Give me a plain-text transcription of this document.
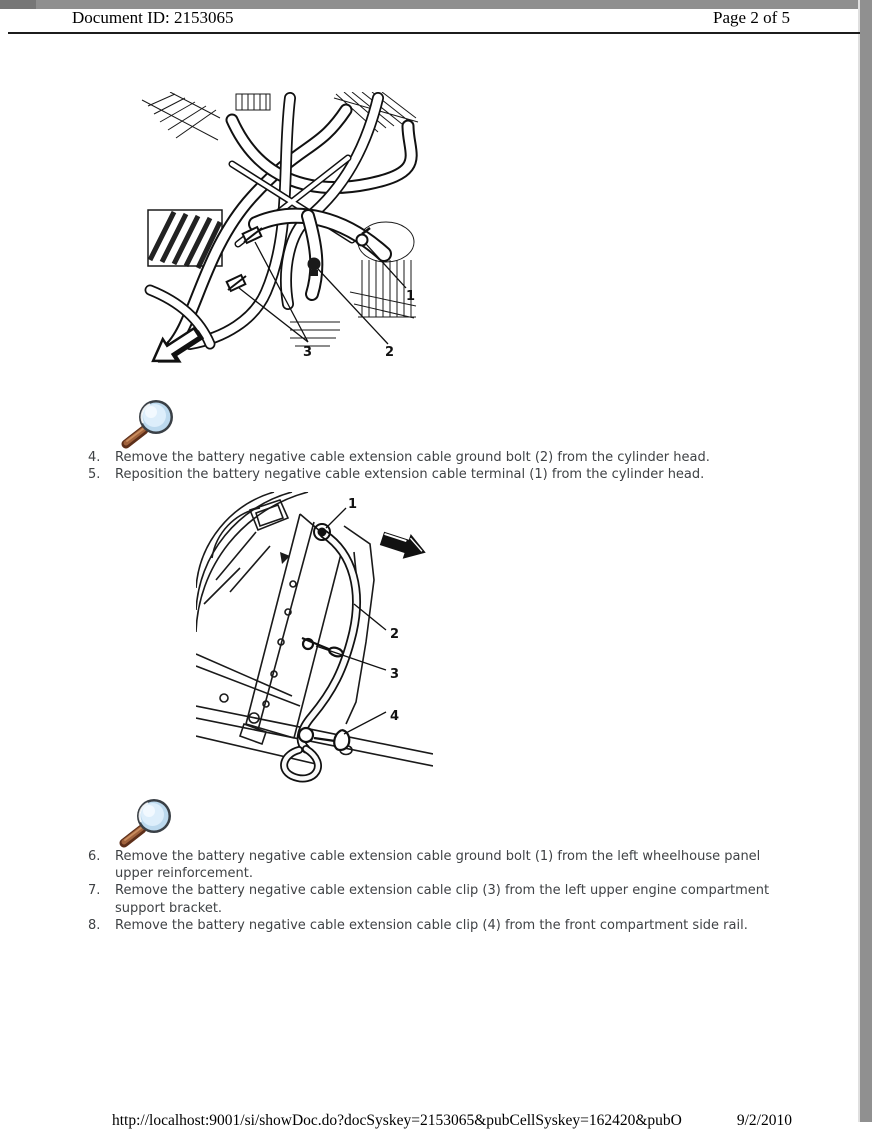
Document ID: 2153065	Page 2 of 5
1
2
3
4.	Remove the battery negative cable extension cable ground bolt (2) from the cylinder head.
5.	Reposition the battery negative cable extension cable terminal (1) from the cylinder head.
1
2
3
4
6.	Remove the battery negative cable extension cable ground bolt (1) from the left wheelhouse panel upper reinforcement.
7.	Remove the battery negative cable extension cable clip (3) from the left upper engine compartment support bracket.
8.	Remove the battery negative cable extension cable clip (4) from the front compartment side rail.
http://localhost:9001/si/showDoc.do?docSyskey=2153065&pubCellSyskey=162420&pubO	9/2/2010
